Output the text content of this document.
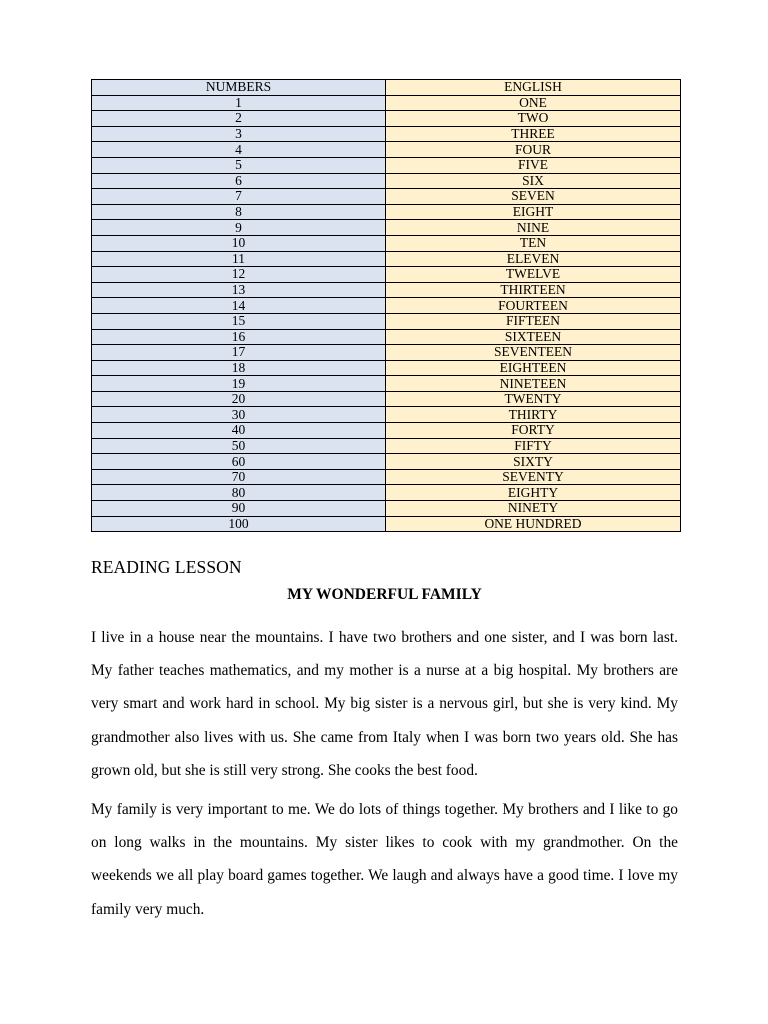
NUMBERS	ENGLISH
1	ONE
2	TWO
3	THREE
4	FOUR
5	FIVE
6	SIX
7	SEVEN
8	EIGHT
9	NINE
10	TEN
11	ELEVEN
12	TWELVE
13	THIRTEEN
14	FOURTEEN
15	FIFTEEN
16	SIXTEEN
17	SEVENTEEN
18	EIGHTEEN
19	NINETEEN
20	TWENTY
30	THIRTY
40	FORTY
50	FIFTY
60	SIXTY
70	SEVENTY
80	EIGHTY
90	NINETY
100	ONE HUNDRED
READING LESSON
MY WONDERFUL FAMILY

I live in a house near the mountains. I have two brothers and one sister, and I was born last. My father teaches mathematics, and my mother is a nurse at a big hospital. My brothers are very smart and work hard in school. My big sister is a nervous girl, but she is very kind. My grandmother also lives with us. She came from Italy when I was born two years old. She has grown old, but she is still very strong. She cooks the best food.

My family is very important to me. We do lots of things together. My brothers and I like to go on long walks in the mountains. My sister likes to cook with my grandmother. On the weekends we all play board games together. We laugh and always have a good time. I love my family very much.
